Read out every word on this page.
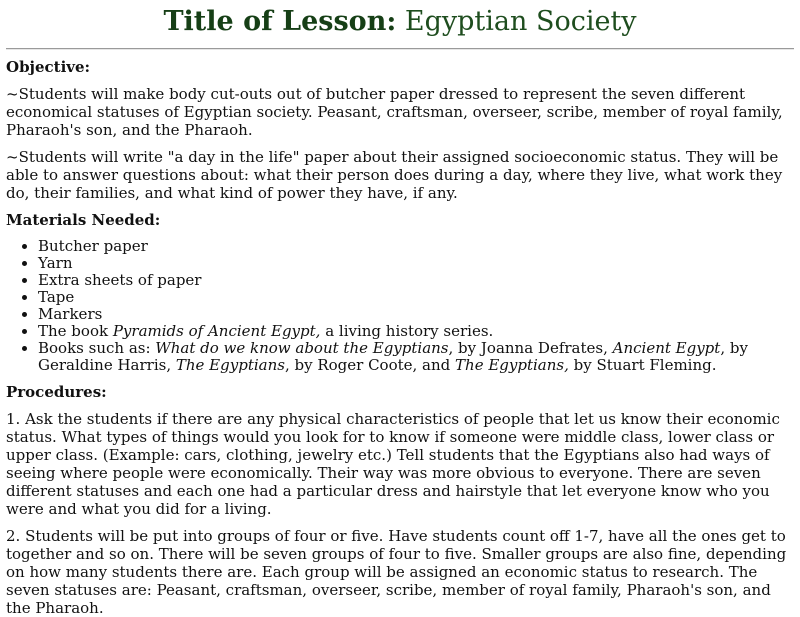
Title of Lesson: Egyptian Society
Objective:

~Students will make body cut-outs out of butcher paper dressed to represent the seven different economical statuses of Egyptian society. Peasant, craftsman, overseer, scribe, member of royal family, Pharaoh's son, and the Pharaoh.

~Students will write "a day in the life" paper about their assigned socioeconomic status. They will be able to answer questions about: what their person does during a day, where they live, what work they do, their families, and what kind of power they have, if any.

Materials Needed:
• Butcher paper
• Yarn
• Extra sheets of paper
• Tape
• Markers
• The book Pyramids of Ancient Egypt, a living history series.
• Books such as: What do we know about the Egyptians, by Joanna Defrates, Ancient Egypt, by Geraldine Harris, The Egyptians, by Roger Coote, and The Egyptians, by Stuart Fleming.
Procedures:

1. Ask the students if there are any physical characteristics of people that let us know their economic status. What types of things would you look for to know if someone were middle class, lower class or upper class. (Example: cars, clothing, jewelry etc.) Tell students that the Egyptians also had ways of seeing where people were economically. Their way was more obvious to everyone. There are seven different statuses and each one had a particular dress and hairstyle that let everyone know who you were and what you did for a living.

2. Students will be put into groups of four or five. Have students count off 1-7, have all the ones get to together and so on. There will be seven groups of four to five. Smaller groups are also fine, depending on how many students there are. Each group will be assigned an economic status to research. The seven statuses are: Peasant, craftsman, overseer, scribe, member of royal family, Pharaoh's son, and the Pharaoh.
